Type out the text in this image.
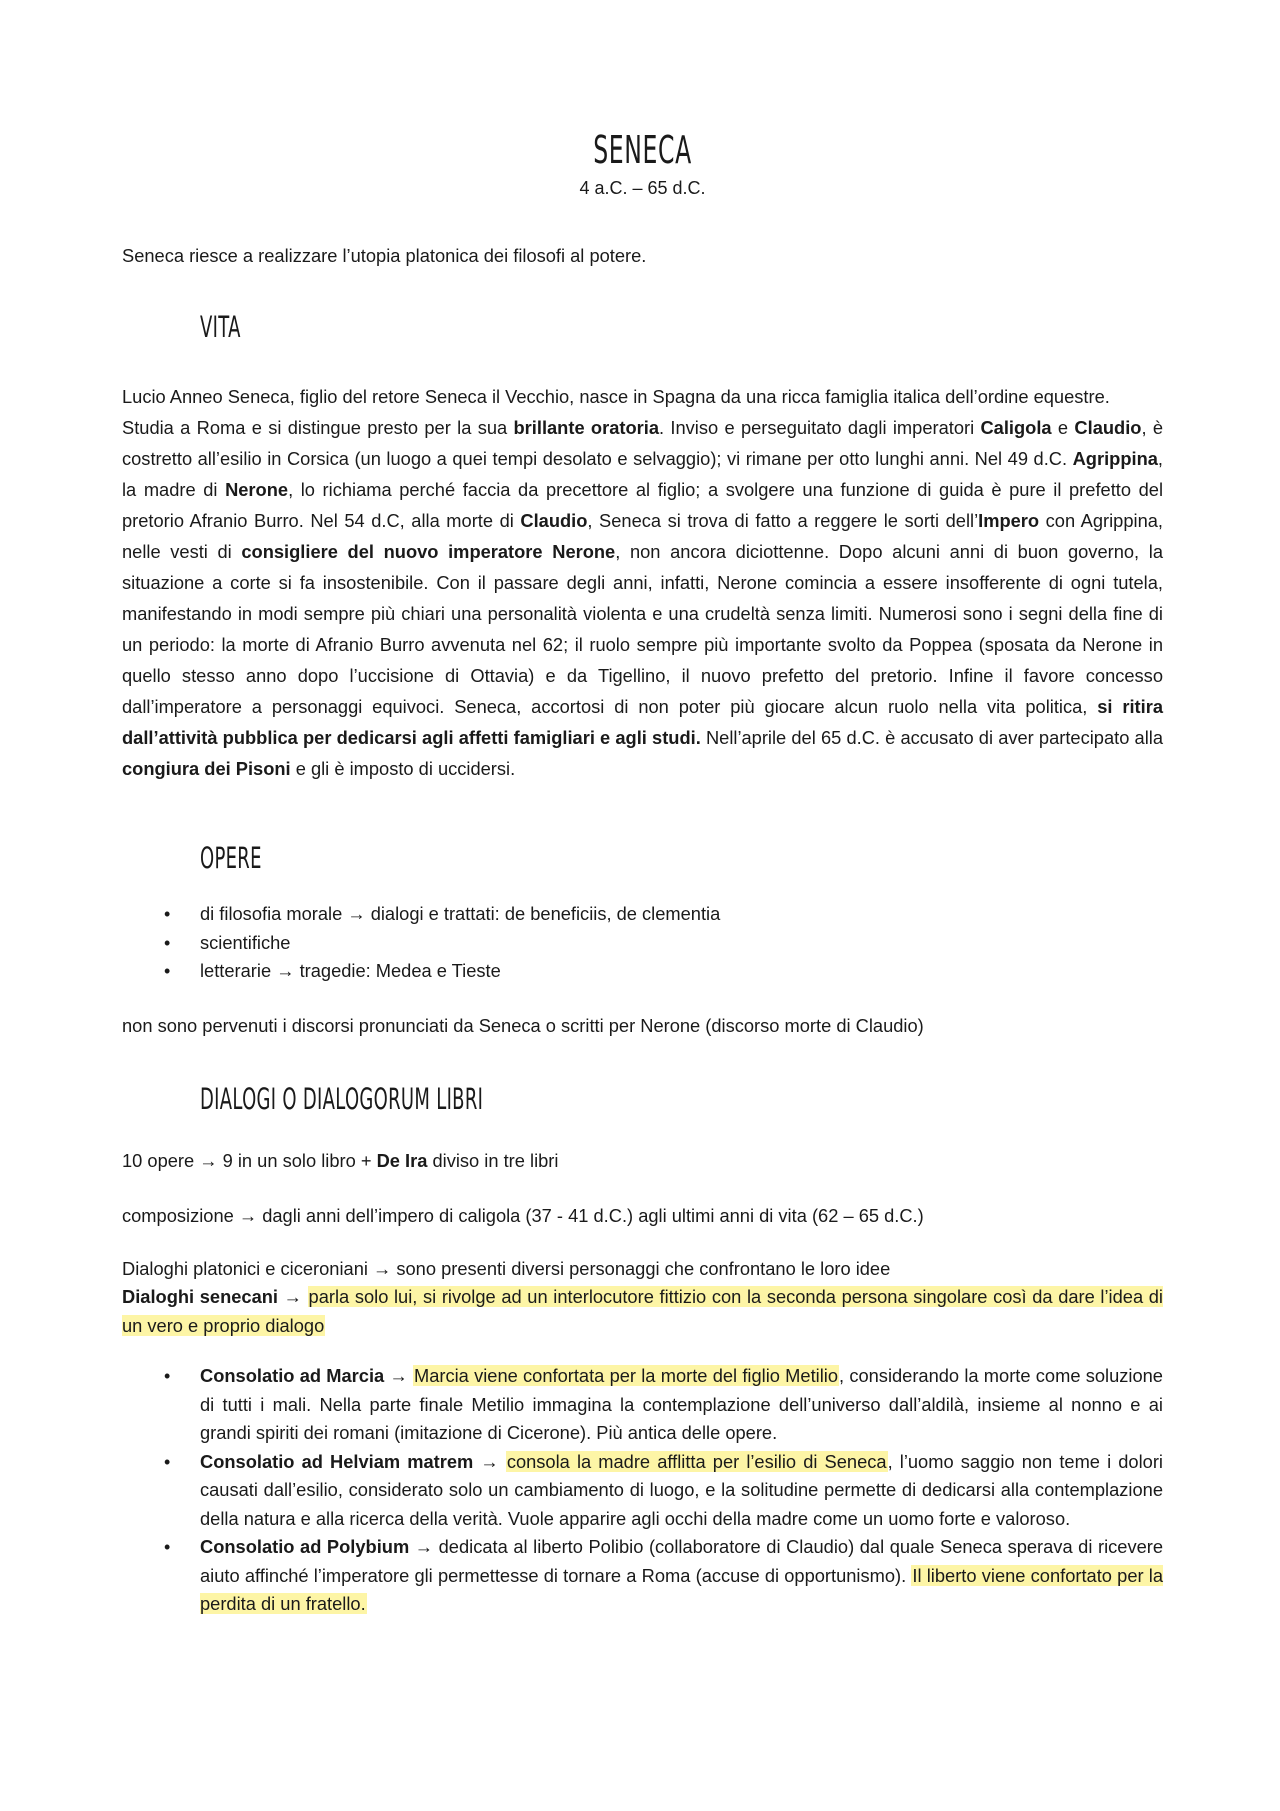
SENECA
4 a.C. – 65 d.C.

Seneca riesce a realizzare l’utopia platonica dei filosofi al potere.

VITA

Lucio Anneo Seneca, figlio del retore Seneca il Vecchio, nasce in Spagna da una ricca famiglia italica dell’ordine equestre.

Studia a Roma e si distingue presto per la sua brillante oratoria. Inviso e perseguitato dagli imperatori Caligola e Claudio, è costretto all’esilio in Corsica (un luogo a quei tempi desolato e selvaggio); vi rimane per otto lunghi anni. Nel 49 d.C. Agrippina, la madre di Nerone, lo richiama perché faccia da precettore al figlio; a svolgere una funzione di guida è pure il prefetto del pretorio Afranio Burro. Nel 54 d.C, alla morte di Claudio, Seneca si trova di fatto a reggere le sorti dell’Impero con Agrippina, nelle vesti di consigliere del nuovo imperatore Nerone, non ancora diciottenne. Dopo alcuni anni di buon governo, la situazione a corte si fa insostenibile. Con il passare degli anni, infatti, Nerone comincia a essere insofferente di ogni tutela, manifestando in modi sempre più chiari una personalità violenta e una crudeltà senza limiti. Numerosi sono i segni della fine di un periodo: la morte di Afranio Burro avvenuta nel 62; il ruolo sempre più importante svolto da Poppea (sposata da Nerone in quello stesso anno dopo l’uccisione di Ottavia) e da Tigellino, il nuovo prefetto del pretorio. Infine il favore concesso dall’imperatore a personaggi equivoci. Seneca, accortosi di non poter più giocare alcun ruolo nella vita politica, si ritira dall’attività pubblica per dedicarsi agli affetti famigliari e agli studi. Nell’aprile del 65 d.C. è accusato di aver partecipato alla congiura dei Pisoni e gli è imposto di uccidersi.

OPERE
• di filosofia morale → dialogi e trattati: de beneficiis, de clementia
• scientifiche
• letterarie → tragedie: Medea e Tieste

non sono pervenuti i discorsi pronunciati da Seneca o scritti per Nerone (discorso morte di Claudio)

DIALOGI O DIALOGORUM LIBRI

10 opere → 9 in un solo libro + De Ira diviso in tre libri

composizione → dagli anni dell’impero di caligola (37 - 41 d.C.) agli ultimi anni di vita (62 – 65 d.C.)

Dialoghi platonici e ciceroniani → sono presenti diversi personaggi che confrontano le loro idee

Dialoghi senecani → parla solo lui, si rivolge ad un interlocutore fittizio con la seconda persona singolare così da dare l’idea di un vero e proprio dialogo

• Consolatio ad Marcia → Marcia viene confortata per la morte del figlio Metilio, considerando la morte come soluzione di tutti i mali. Nella parte finale Metilio immagina la contemplazione dell’universo dall’aldilà, insieme al nonno e ai grandi spiriti dei romani (imitazione di Cicerone). Più antica delle opere.
• Consolatio ad Helviam matrem → consola la madre afflitta per l’esilio di Seneca, l’uomo saggio non teme i dolori causati dall’esilio, considerato solo un cambiamento di luogo, e la solitudine permette di dedicarsi alla contemplazione della natura e alla ricerca della verità. Vuole apparire agli occhi della madre come un uomo forte e valoroso.
• Consolatio ad Polybium → dedicata al liberto Polibio (collaboratore di Claudio) dal quale Seneca sperava di ricevere aiuto affinché l’imperatore gli permettesse di tornare a Roma (accuse di opportunismo). Il liberto viene confortato per la perdita di un fratello.
